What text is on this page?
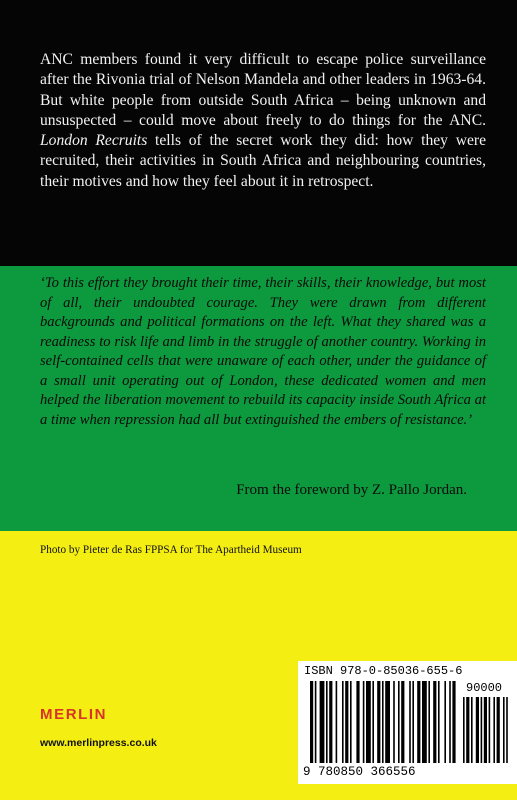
ANC members found it very difficult to escape police surveillance after the Rivonia trial of Nelson Mandela and other leaders in 1963-64. But white people from outside South Africa – being unknown and unsuspected – could move about freely to do things for the ANC. London Recruits tells of the secret work they did: how they were recruited, their activities in South Africa and neighbouring countries, their motives and how they feel about it in retrospect.

‘To this effort they brought their time, their skills, their knowledge, but most of all, their undoubted courage. They were drawn from different backgrounds and political formations on the left. What they shared was a readiness to risk life and limb in the struggle of another country. Working in self-contained cells that were unaware of each other, under the guidance of a small unit operating out of London, these dedicated women and men helped the liberation movement to rebuild its capacity inside South Africa at a time when repression had all but extinguished the embers of resistance.’

From the foreword by Z. Pallo Jordan.

Photo by Pieter de Ras FPPSA for The Apartheid Museum

MERLIN

www.merlinpress.co.uk

ISBN 978-0-85036-655-6

90000

9 780850 366556
